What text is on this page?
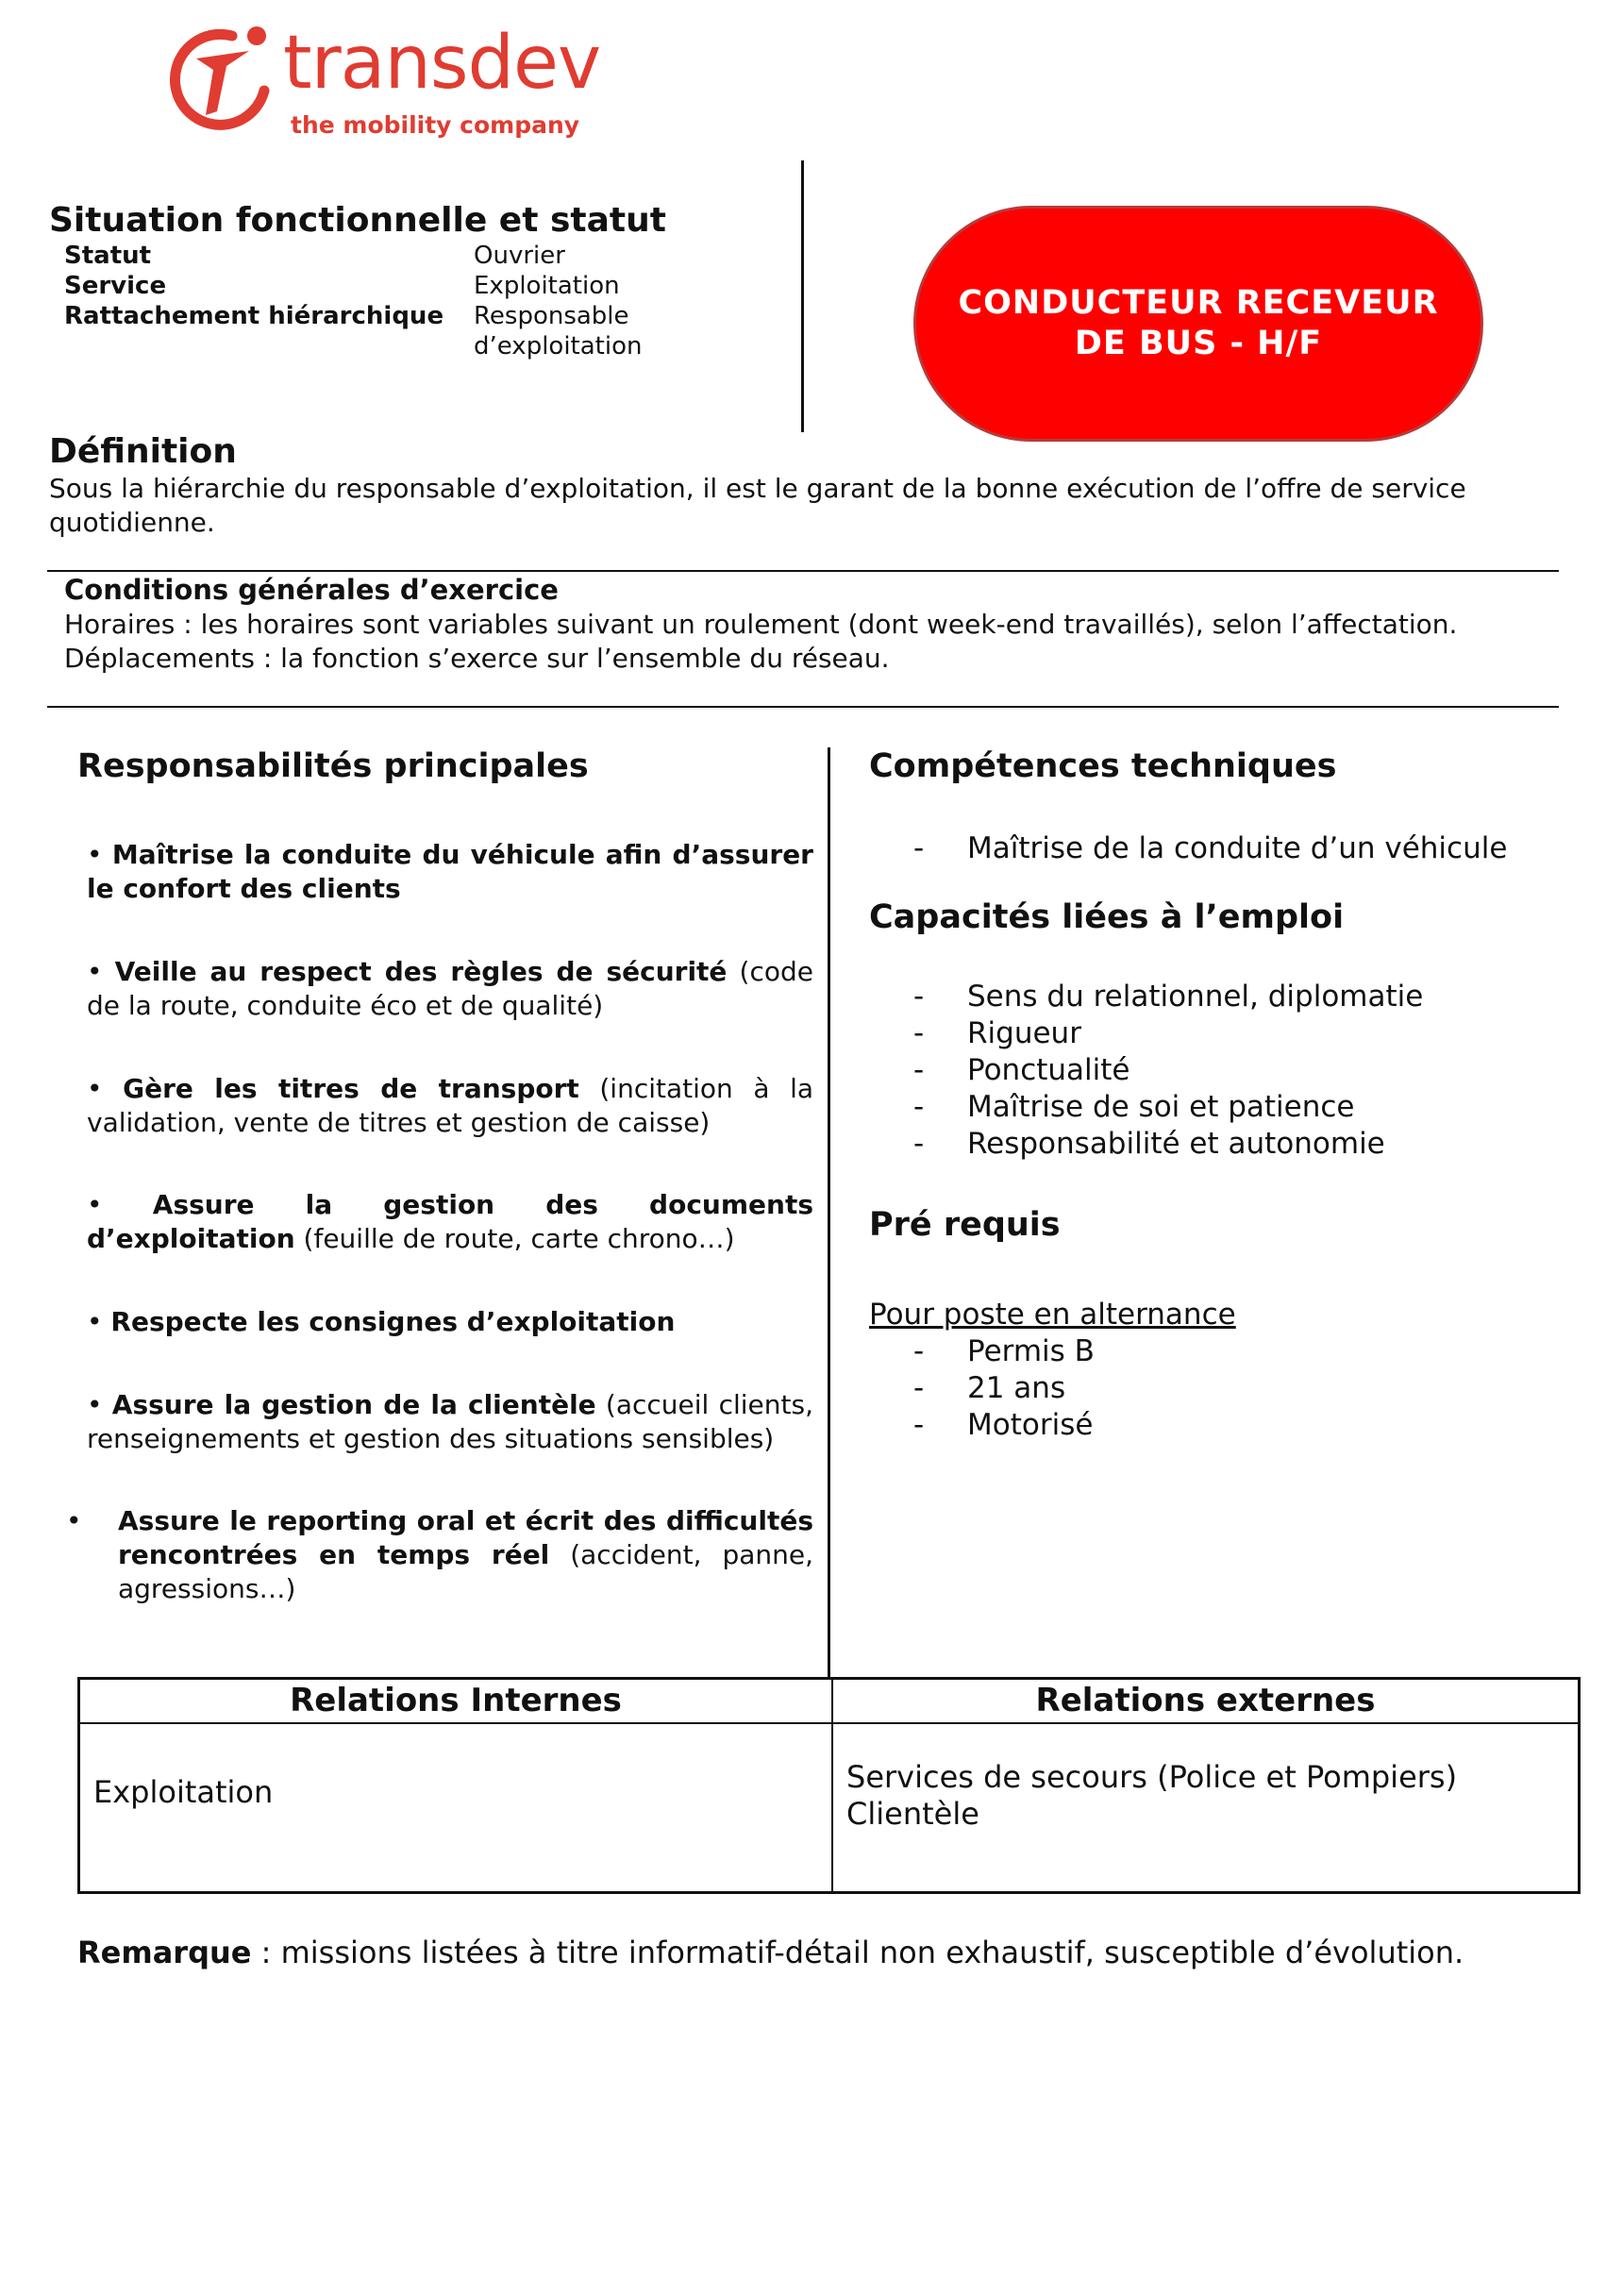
transdev
the mobility company
Situation fonctionnelle et statut
Statut	Ouvrier
Service	Exploitation
Rattachement hiérarchique Responsable
d’exploitation
CONDUCTEUR RECEVEUR
DE BUS - H/F
Définition
Sous la hiérarchie du responsable d’exploitation, il est le garant de la bonne exécution de l’offre de service
quotidienne.
Conditions générales d’exercice
Horaires : les horaires sont variables suivant un roulement (dont week-end travaillés), selon l’affectation.
Déplacements : la fonction s’exerce sur l’ensemble du réseau.
Responsabilités principales
• Maîtrise la conduite du véhicule afin d’assurer le confort des clients
• Veille au respect des règles de sécurité (code de la route, conduite éco et de qualité)
• Gère les titres de transport (incitation à la validation, vente de titres et gestion de caisse)
• Assure la gestion des documents d’exploitation (feuille de route, carte chrono…)
• Respecte les consignes d’exploitation
• Assure la gestion de la clientèle (accueil clients, renseignements et gestion des situations sensibles)
•	Assure le reporting oral et écrit des difficultés rencontrées en temps réel (accident, panne, agressions…)
Compétences techniques
-	Maîtrise de la conduite d’un véhicule
Capacités liées à l’emploi
-	Sens du relationnel, diplomatie
-	Rigueur
-	Ponctualité
-	Maîtrise de soi et patience
-	Responsabilité et autonomie
Pré requis
Pour poste en alternance
-	Permis B
-	21 ans
-	Motorisé
Relations Internes	Relations externes
Exploitation	Services de secours (Police et Pompiers)
Clientèle
Remarque : missions listées à titre informatif-détail non exhaustif, susceptible d’évolution.
